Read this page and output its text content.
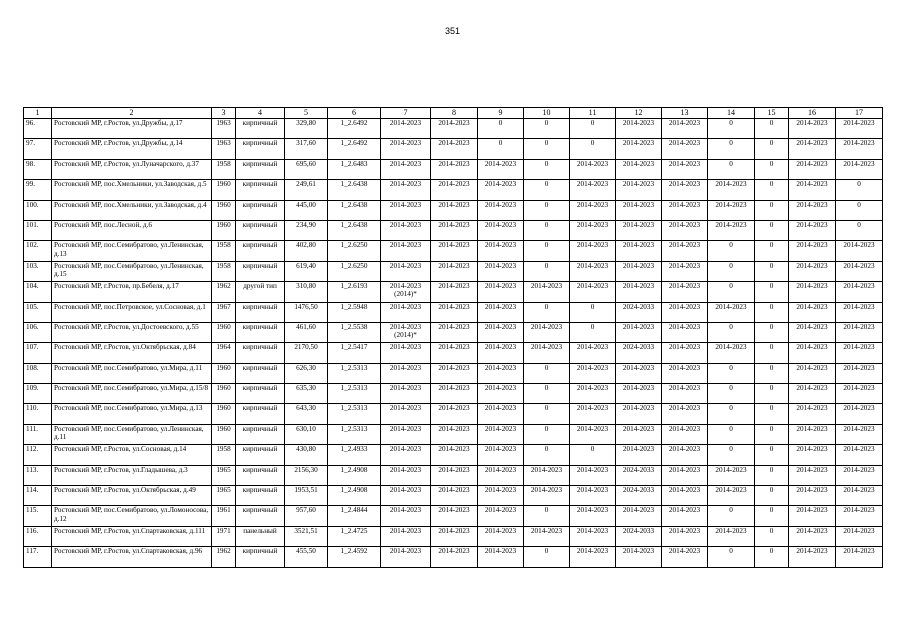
351
1	2	3	4	5	6	7	8	9	10	11	12	13	14	15	16	17
96.	Ростовский МР, г.Ростов, ул.Дружбы, д.17	1963	кирпичный	329,80	1_2.6492	2014-2023	2014-2023	0	0	0	2014-2023	2014-2023	0	0	2014-2023	2014-2023
97.	Ростовский МР, г.Ростов, ул.Дружбы, д.14	1963	кирпичный	317,60	1_2.6492	2014-2023	2014-2023	0	0	0	2014-2023	2014-2023	0	0	2014-2023	2014-2023
98.	Ростовский МР, г.Ростов, ул.Луначарского, д.37	1958	кирпичный	695,60	1_2.6483	2014-2023	2014-2023	2014-2023	0	2014-2023	2014-2023	2014-2023	0	0	2014-2023	2014-2023
99.	Ростовский МР, пос.Хмельники, ул.Заводская, д.5	1960	кирпичный	249,61	1_2.6438	2014-2023	2014-2023	2014-2023	0	2014-2023	2014-2023	2014-2023	2014-2023	0	2014-2023	0
100.	Ростовский МР, пос.Хмельники, ул.Заводская, д.4	1960	кирпичный	445,00	1_2.6438	2014-2023	2014-2023	2014-2023	0	2014-2023	2014-2023	2014-2023	2014-2023	0	2014-2023	0
101.	Ростовский МР, пос.Лесной, д.6	1960	кирпичный	234,90	1_2.6438	2014-2023	2014-2023	2014-2023	0	2014-2023	2014-2023	2014-2023	2014-2023	0	2014-2023	0
102.	Ростовский МР, пос.Семибратово, ул.Ленинская, д.13	1958	кирпичный	402,80	1_2.6250	2014-2023	2014-2023	2014-2023	0	2014-2023	2014-2023	2014-2023	0	0	2014-2023	2014-2023
103.	Ростовский МР, пос.Семибратово, ул.Ленинская, д.15	1958	кирпичный	619,40	1_2.6250	2014-2023	2014-2023	2014-2023	0	2014-2023	2014-2023	2014-2023	0	0	2014-2023	2014-2023
104.	Ростовский МР, г.Ростов, пр.Бебеля, д.17	1962	другой тип	310,80	1_2.6193	2014-2023 (2014)*	2014-2023	2014-2023	2014-2023	2014-2023	2014-2023	2014-2023	0	0	2014-2023	2014-2023
105.	Ростовский МР, пос.Петровское, ул.Сосновая, д.1	1967	кирпичный	1476,50	1_2.5948	2014-2023	2014-2023	2014-2023	0	0	2024-2033	2014-2023	2014-2023	0	2014-2023	2014-2023
106.	Ростовский МР, г.Ростов, ул.Достоевского, д.55	1960	кирпичный	461,60	1_2.5538	2014-2023 (2014)*	2014-2023	2014-2023	2014-2023	0	2014-2023	2014-2023	0	0	2014-2023	2014-2023
107.	Ростовский МР, г.Ростов, ул.Октябрьская, д.84	1964	кирпичный	2170,50	1_2.5417	2014-2023	2014-2023	2014-2023	2014-2023	2014-2023	2024-2033	2014-2023	2014-2023	0	2014-2023	2014-2023
108.	Ростовский МР, пос.Семибратово, ул.Мира, д.11	1960	кирпичный	626,30	1_2.5313	2014-2023	2014-2023	2014-2023	0	2014-2023	2014-2023	2014-2023	0	0	2014-2023	2014-2023
109.	Ростовский МР, пос.Семибратово, ул.Мира, д.15/8	1960	кирпичный	635,30	1_2.5313	2014-2023	2014-2023	2014-2023	0	2014-2023	2014-2023	2014-2023	0	0	2014-2023	2014-2023
110.	Ростовский МР, пос.Семибратово, ул.Мира, д.13	1960	кирпичный	643,30	1_2.5313	2014-2023	2014-2023	2014-2023	0	2014-2023	2014-2023	2014-2023	0	0	2014-2023	2014-2023
111.	Ростовский МР, пос.Семибратово, ул.Ленинская, д.11	1960	кирпичный	630,10	1_2.5313	2014-2023	2014-2023	2014-2023	0	2014-2023	2014-2023	2014-2023	0	0	2014-2023	2014-2023
112.	Ростовский МР, г.Ростов, ул.Сосновая, д.14	1958	кирпичный	430,80	1_2.4933	2014-2023	2014-2023	2014-2023	0	0	2014-2023	2014-2023	0	0	2014-2023	2014-2023
113.	Ростовский МР, г.Ростов, ул.Гладышева, д.3	1965	кирпичный	2156,30	1_2.4908	2014-2023	2014-2023	2014-2023	2014-2023	2014-2023	2024-2033	2014-2023	2014-2023	0	2014-2023	2014-2023
114.	Ростовский МР, г.Ростов, ул.Октябрьская, д.49	1965	кирпичный	1953,51	1_2.4908	2014-2023	2014-2023	2014-2023	2014-2023	2014-2023	2024-2033	2014-2023	2014-2023	0	2014-2023	2014-2023
115.	Ростовский МР, пос.Семибратово, ул.Ломоносова, д.12	1961	кирпичный	957,60	1_2.4844	2014-2023	2014-2023	2014-2023	0	2014-2023	2014-2023	2014-2023	0	0	2014-2023	2014-2023
116.	Ростовский МР, г.Ростов, ул.Спартаковская, д.111	1971	панельный	3521,51	1_2.4725	2014-2023	2014-2023	2014-2023	2014-2023	2014-2023	2024-2033	2014-2023	2014-2023	0	2014-2023	2014-2023
117.	Ростовский МР, г.Ростов, ул.Спартаковская, д.96	1962	кирпичный	455,50	1_2.4592	2014-2023	2014-2023	2014-2023	0	2014-2023	2014-2023	2014-2023	0	0	2014-2023	2014-2023
